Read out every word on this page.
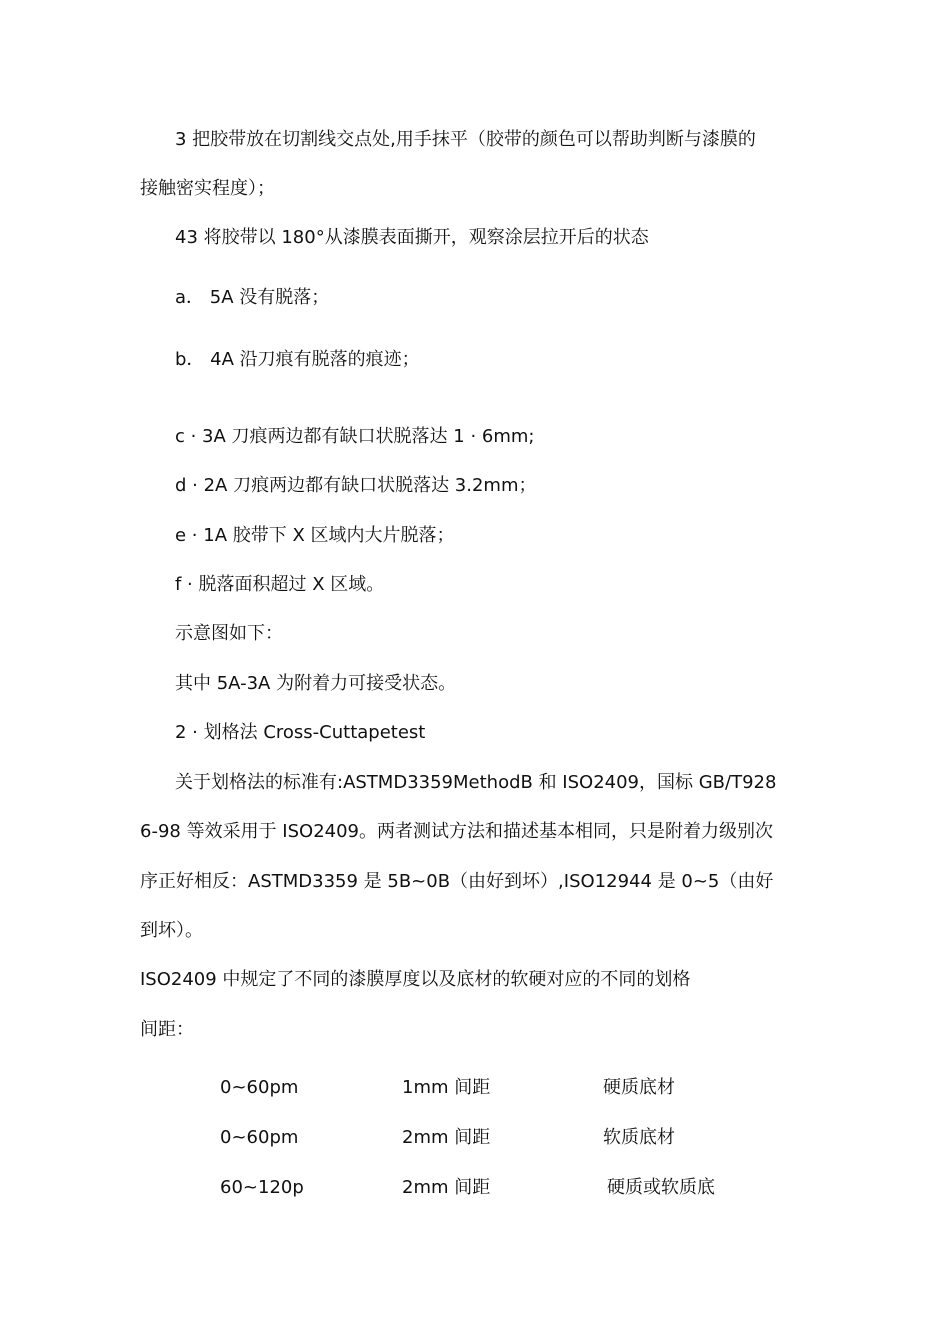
3 把胶带放在切割线交点处,用手抹平（胶带的颜色可以帮助判断与漆膜的
接触密实程度）；
43 将胶带以 180°从漆膜表面撕开，观察涂层拉开后的状态
a． 5A 没有脱落；
b． 4A 沿刀痕有脱落的痕迹；
c · 3A 刀痕两边都有缺口状脱落达 1 · 6mm;
d · 2A 刀痕两边都有缺口状脱落达 3.2mm；
e · 1A 胶带下 X 区域内大片脱落；
f · 脱落面积超过 X 区域。
示意图如下：
其中 5A-3A 为附着力可接受状态。
2 · 划格法 Cross-Cuttapetest
关于划格法的标准有:ASTMD3359MethodB 和 ISO2409，国标 GB/T928
6-98 等效采用于 ISO2409。两者测试方法和描述基本相同，只是附着力级别次
序正好相反：ASTMD3359 是 5B~0B（由好到坏）,ISO12944 是 0~5（由好
到坏）。
ISO2409 中规定了不同的漆膜厚度以及底材的软硬对应的不同的划格
间距：
0~60pm	1mm 间距	硬质底材
0~60pm	2mm 间距	软质底材
60~120p	2mm 间距	硬质或软质底
